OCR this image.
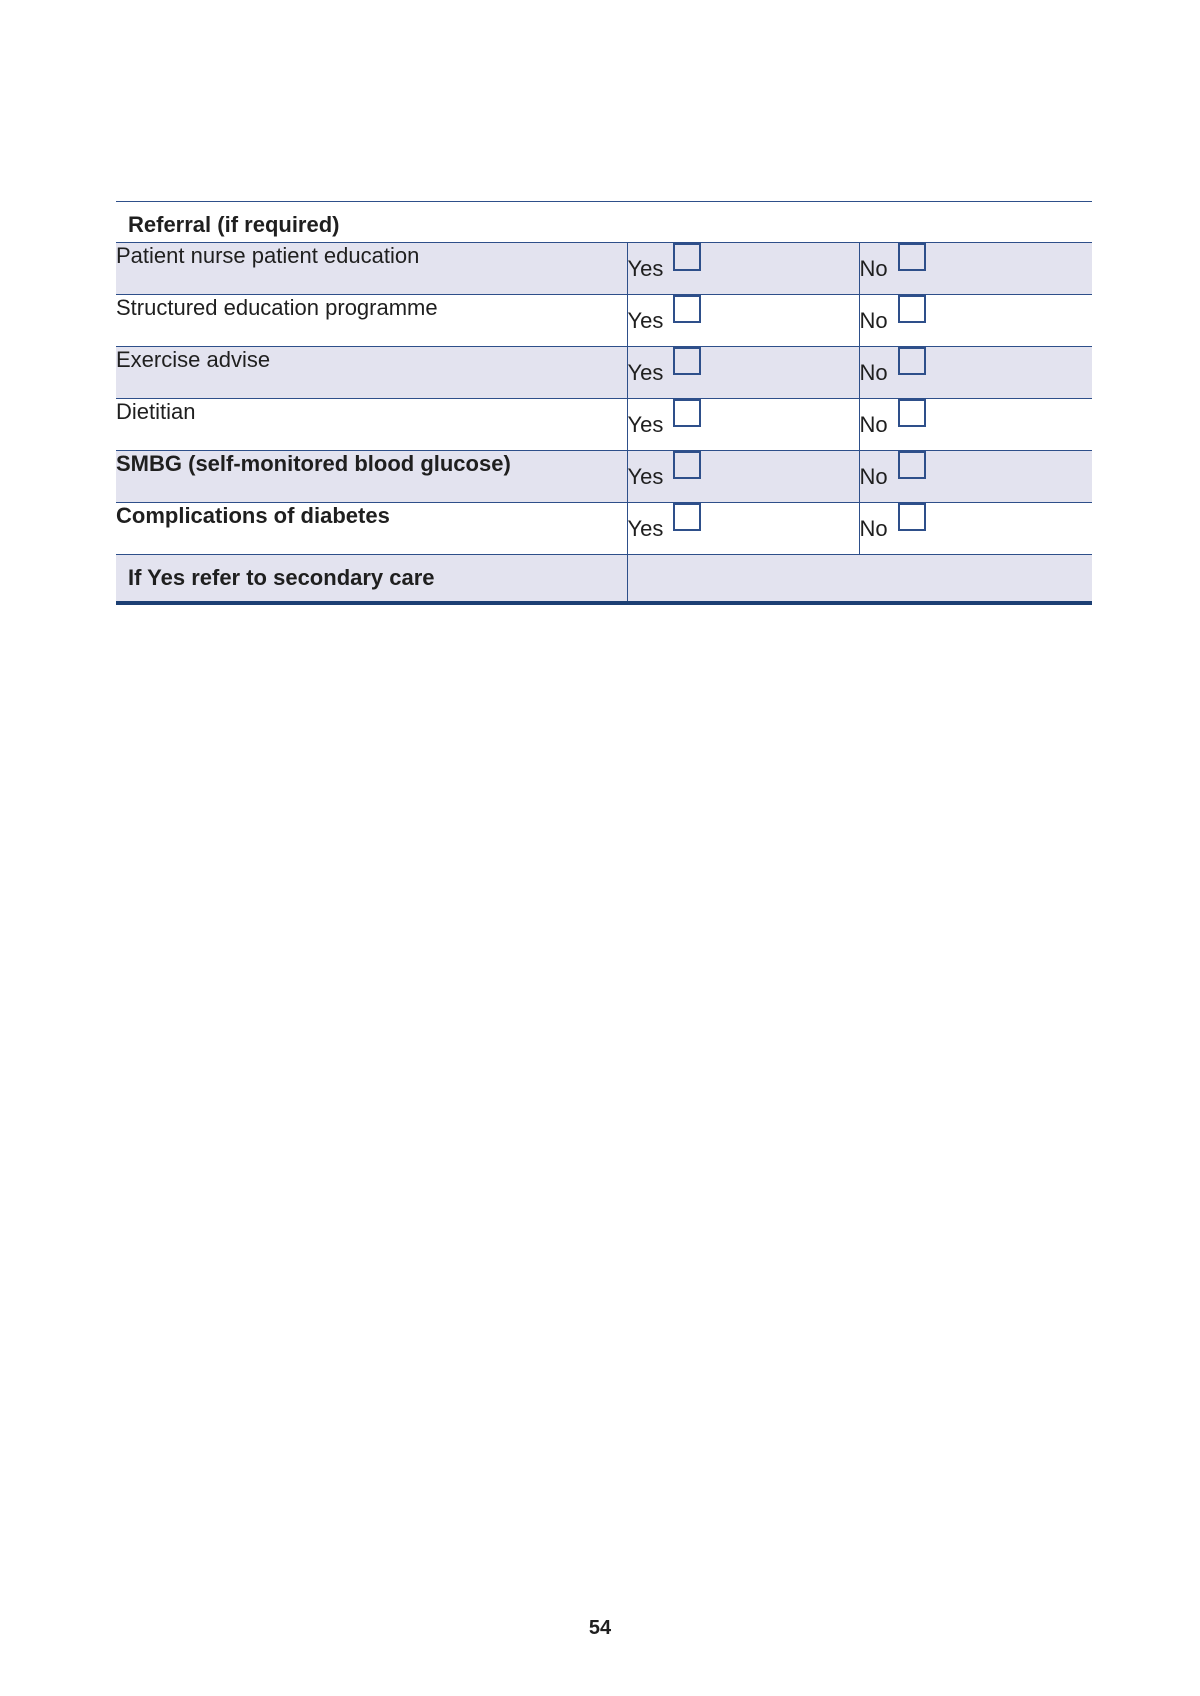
Referral (if required)		
Patient nurse patient education	Yes	No
Structured education programme	Yes	No
Exercise advise	Yes	No
Dietitian	Yes	No
SMBG (self-monitored blood glucose)	Yes	No
Complications of diabetes	Yes	No
If Yes refer to secondary care		
54
